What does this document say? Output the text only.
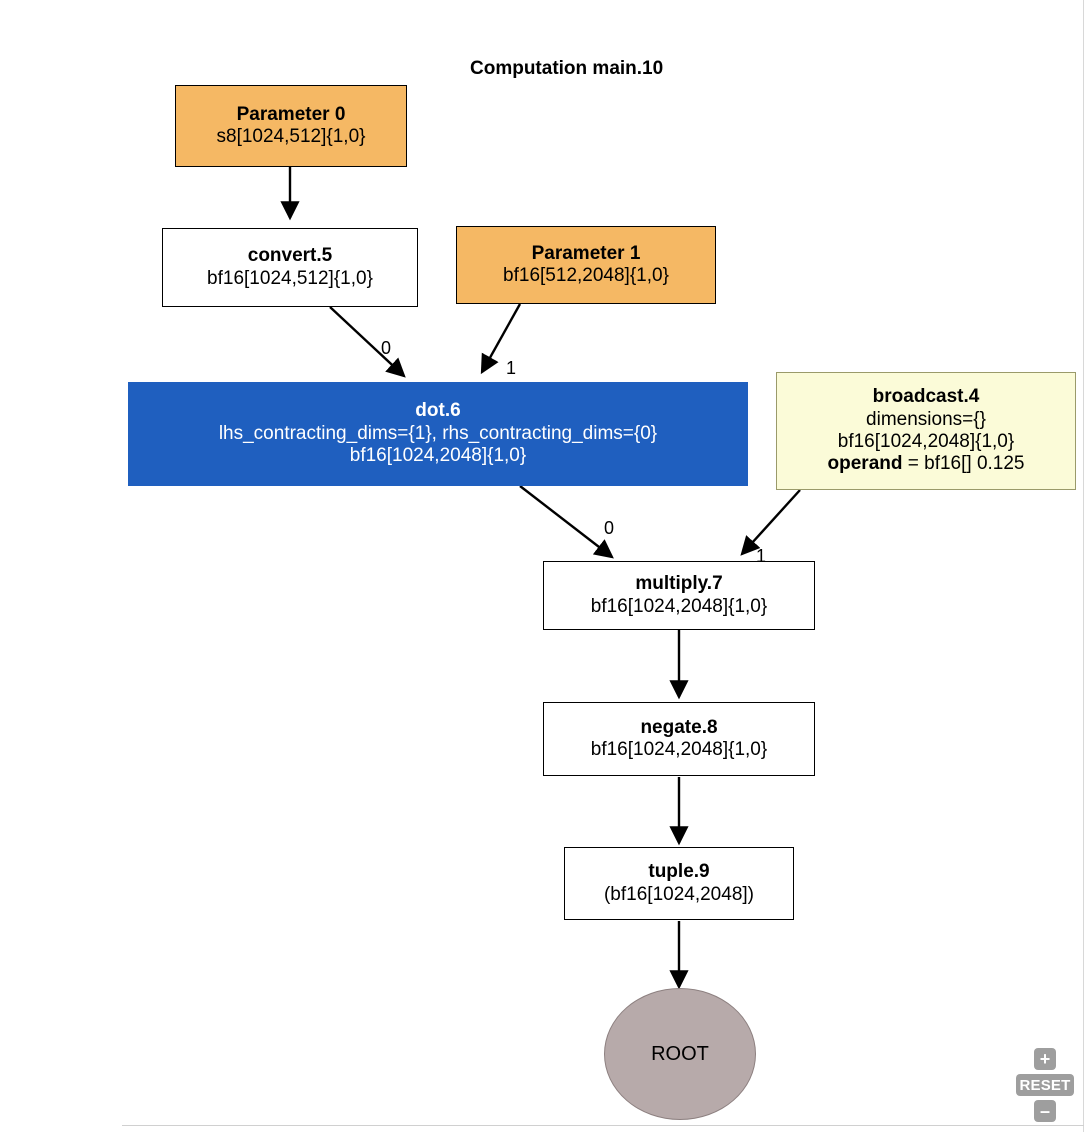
Computation main.10
Parameter 0
s8[1024,512]{1,0}
convert.5
bf16[1024,512]{1,0}
Parameter 1
bf16[512,2048]{1,0}
dot.6
lhs_contracting_dims={1}, rhs_contracting_dims={0}
bf16[1024,2048]{1,0}
broadcast.4
dimensions={}
bf16[1024,2048]{1,0}
operand = bf16[] 0.125
multiply.7
bf16[1024,2048]{1,0}
negate.8
bf16[1024,2048]{1,0}
tuple.9
(bf16[1024,2048])
ROOT
0
1
0
1
+
RESET
–
